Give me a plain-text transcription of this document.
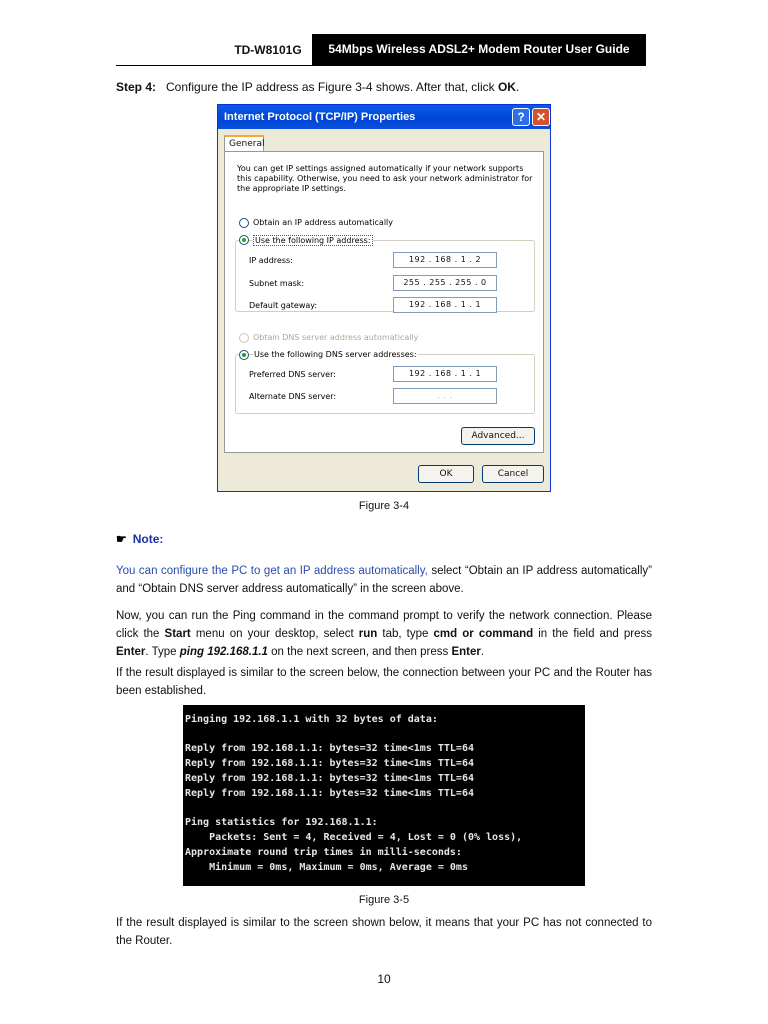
TD-W8101G	54Mbps Wireless ADSL2+ Modem Router User Guide
Step 4: Configure the IP address as Figure 3-4 shows. After that, click OK.
Internet Protocol (TCP/IP) Properties	? ✕
General
You can get IP settings assigned automatically if your network supports this capability. Otherwise, you need to ask your network administrator for the appropriate IP settings.
Obtain an IP address automatically
Use the following IP address:
IP address:	192 . 168 . 1 . 2
Subnet mask:	255 . 255 . 255 . 0
Default gateway:	192 . 168 . 1 . 1
Obtain DNS server address automatically
Use the following DNS server addresses:
Preferred DNS server:	192 . 168 . 1 . 1
Alternate DNS server:	. . .
Advanced...
OK	Cancel
Figure 3-4
☛ Note:
You can configure the PC to get an IP address automatically, select “Obtain an IP address automatically” and “Obtain DNS server address automatically” in the screen above.
Now, you can run the Ping command in the command prompt to verify the network connection. Please click the Start menu on your desktop, select run tab, type cmd or command in the field and press Enter. Type ping 192.168.1.1 on the next screen, and then press Enter.
If the result displayed is similar to the screen below, the connection between your PC and the Router has been established.
Pinging 192.168.1.1 with 32 bytes of data:
Reply from 192.168.1.1: bytes=32 time<1ms TTL=64
Reply from 192.168.1.1: bytes=32 time<1ms TTL=64
Reply from 192.168.1.1: bytes=32 time<1ms TTL=64
Reply from 192.168.1.1: bytes=32 time<1ms TTL=64
Ping statistics for 192.168.1.1:
Packets: Sent = 4, Received = 4, Lost = 0 (0% loss),
Approximate round trip times in milli-seconds:
Minimum = 0ms, Maximum = 0ms, Average = 0ms
Figure 3-5
If the result displayed is similar to the screen shown below, it means that your PC has not connected to the Router.
10
